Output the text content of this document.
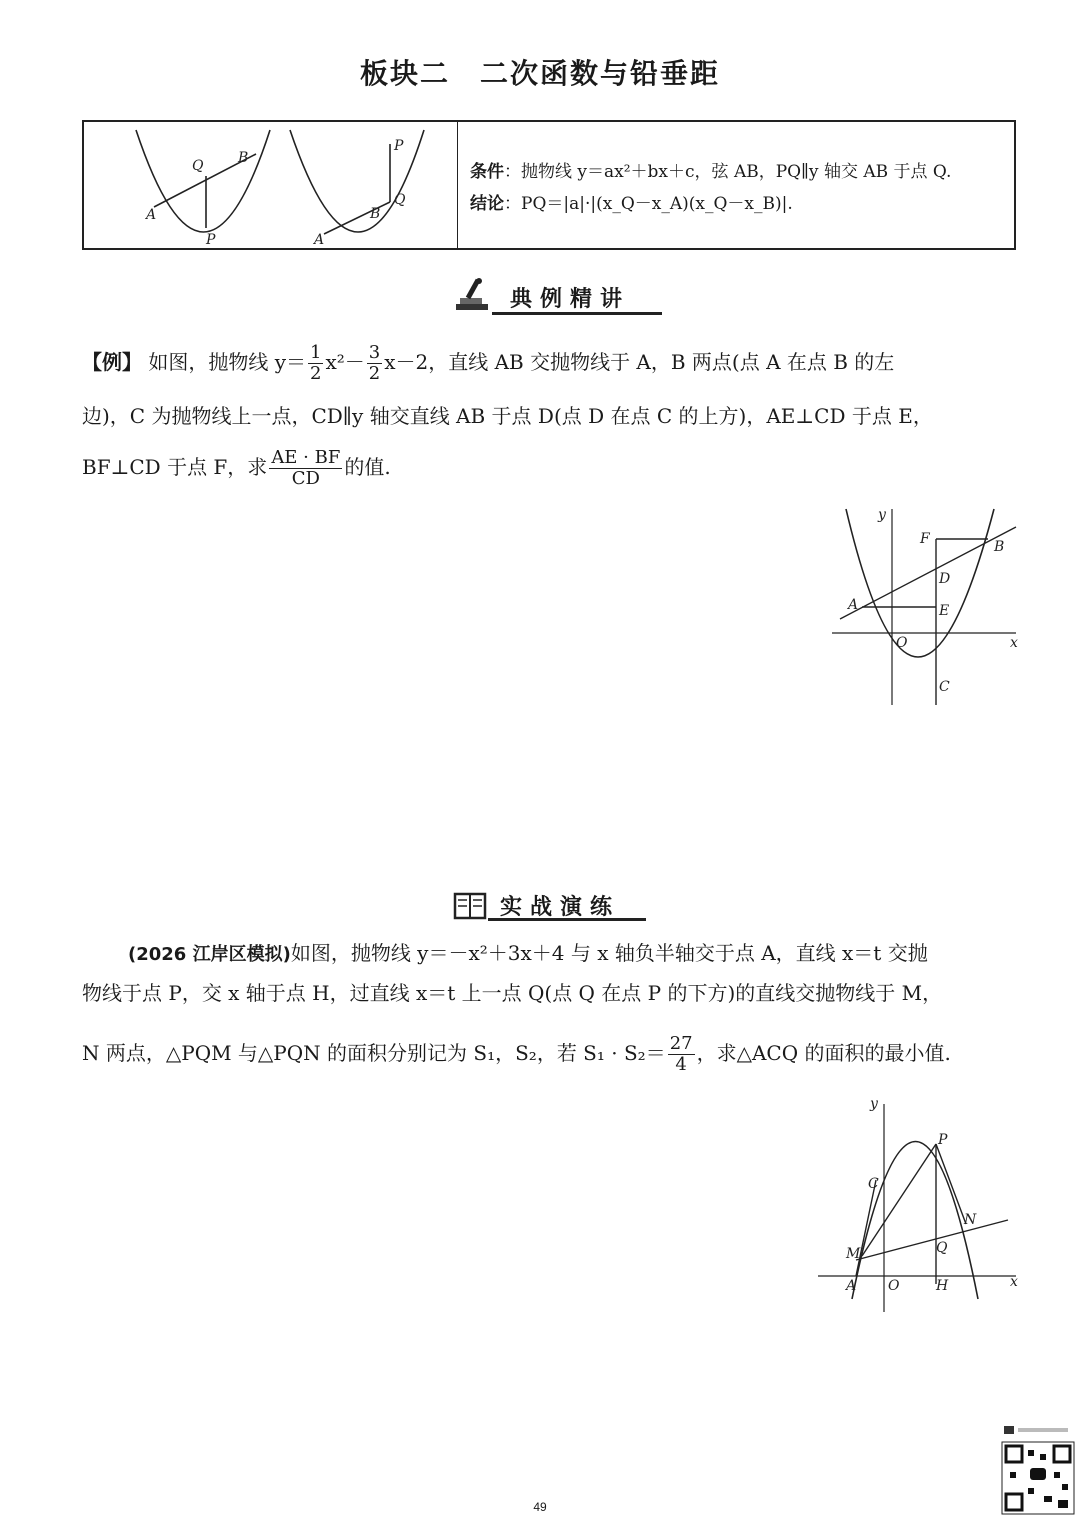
板块二　二次函数与铅垂距
Q B
A
P
P
Q
B
A
条件：抛物线 y＝ax²＋bx＋c，弦 AB，PQ∥y 轴交 AB 于点 Q.
结论：PQ＝|a|·|(x_Q－x_A)(x_Q－x_B)|.
典例精讲
【例】 如图，抛物线 $y= \frac{1}{2} x^2- \frac{3}{2} x-2$，直线 AB 交抛物线于 A，B 两点(点 A 在点 B 的左
边)，C 为抛物线上一点，CD∥y 轴交直线 AB 于点 D(点 D 在点 C 的上方)，AE⊥CD 于点 E，
BF⊥CD 于点 F，求 $\frac{AE \cdot BF}{CD}$ 的值.
y
F	B
D
A	E
O	x
C
实战演练
(2026 江岸区模拟)如图，抛物线 y＝－x²＋3x＋4 与 x 轴负半轴交于点 A，直线 x＝t 交抛
物线于点 P，交 x 轴于点 H，过直线 x＝t 上一点 Q(点 Q 在点 P 的下方)的直线交抛物线于 M，
N 两点，△PQM 与△PQN 的面积分别记为 S₁，S₂，若 $S_1 \cdot S_2= \frac{27}{4}$ ，求△ACQ 的面积的最小值.
y
P
C
N
M	Q
A O	H	x
49
